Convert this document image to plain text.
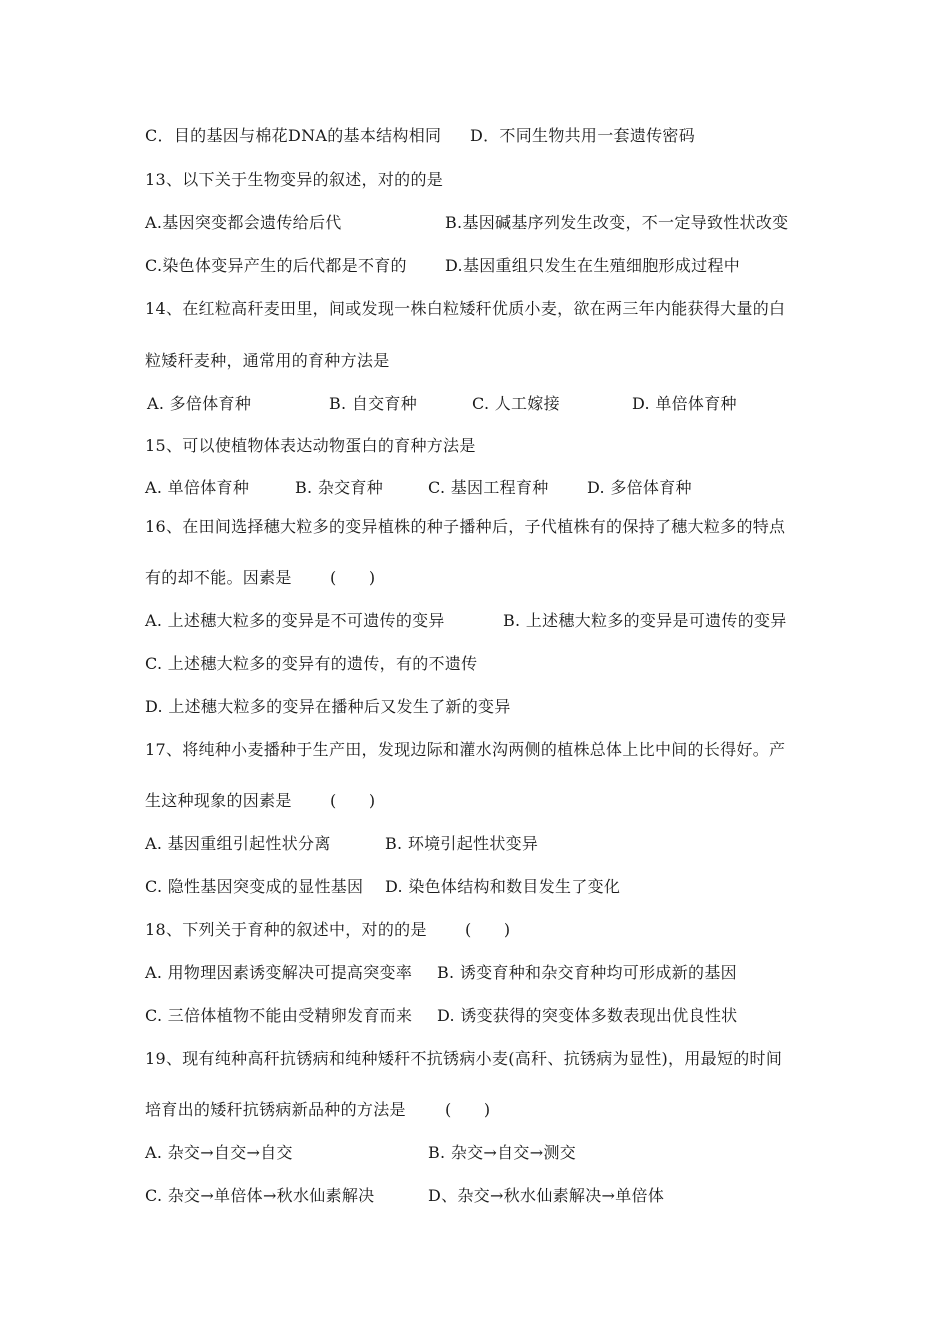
C．目的基因与棉花DNA的基本结构相同

D．不同生物共用一套遗传密码

13、以下关于生物变异的叙述，对的的是

A.基因突变都会遗传给后代

	B.基因碱基序列发生改变，不一定导致性状改变

C.染色体变异产生的后代都是不育的

D.基因重组只发生在生殖细胞形成过程中

14、在红粒高秆麦田里，间或发现一株白粒矮秆优质小麦，欲在两三年内能获得大量的白

粒矮秆麦种，通常用的育种方法是

A. 多倍体育种

	B. 自交育种

	C. 人工嫁接

	D. 单倍体育种

15、可以使植物体表达动物蛋白的育种方法是

A. 单倍体育种

	B. 杂交育种

	C. 基因工程育种

D. 多倍体育种

16、在田间选择穗大粒多的变异植株的种子播种后，子代植株有的保持了穗大粒多的特点

有的却不能。因素是

(      )

A. 上述穗大粒多的变异是不可遗传的变异

	B. 上述穗大粒多的变异是可遗传的变异

C. 上述穗大粒多的变异有的遗传，有的不遗传

D. 上述穗大粒多的变异在播种后又发生了新的变异

17、将纯种小麦播种于生产田，发现边际和灌水沟两侧的植株总体上比中间的长得好。产

生这种现象的因素是

(      )

A. 基因重组引起性状分离

	B. 环境引起性状变异

C. 隐性基因突变成的显性基因

D. 染色体结构和数目发生了变化

18、下列关于育种的叙述中，对的的是

(      )

A. 用物理因素诱变解决可提高突变率

B. 诱变育种和杂交育种均可形成新的基因

C. 三倍体植物不能由受精卵发育而来

D. 诱变获得的突变体多数表现出优良性状

19、现有纯种高秆抗锈病和纯种矮秆不抗锈病小麦(高秆、抗锈病为显性)，用最短的时间

培育出的矮秆抗锈病新品种的方法是

(      )

A. 杂交→自交→自交

	B. 杂交→自交→测交

C. 杂交→单倍体→秋水仙素解决

	D、杂交→秋水仙素解决→单倍体
